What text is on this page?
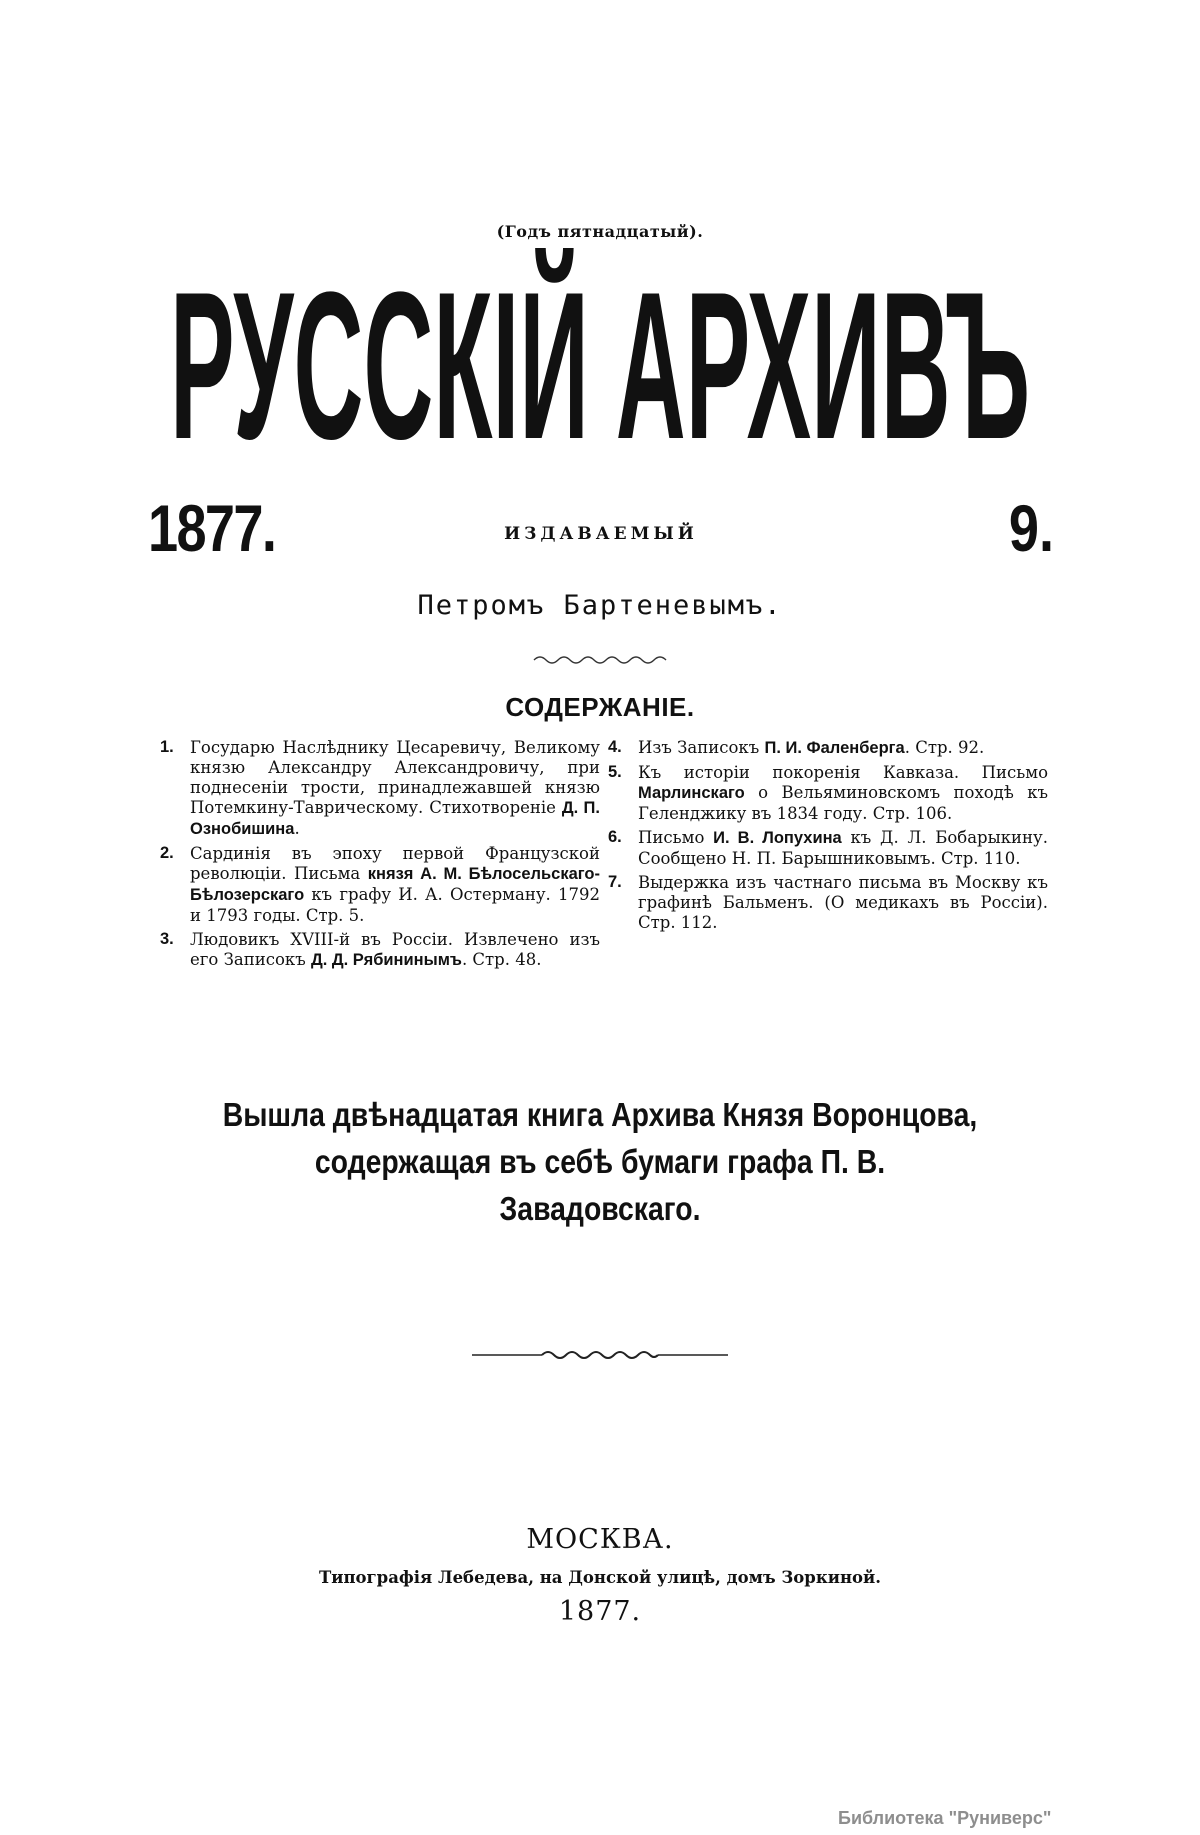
(Годъ пятнадцатый).
РУССКІЙ АРХИВЪ
1877.	ИЗДАВАЕМЫЙ	9.
Петромъ Бартеневымъ.
СОДЕРЖАНІЕ.
1. Государю Наслѣднику Цесаревичу, Великому князю Александру Александровичу, при поднесеніи трости, принадлежавшей князю Потемкину-Таврическому. Стихотвореніе Д. П. Ознобишина.
2. Сардинія въ эпоху первой Французской революціи. Письма князя А. М. Бѣлосельскаго-Бѣлозерскаго къ графу И. А. Остерману. 1792 и 1793 годы. Стр. 5.
3. Людовикъ XVIII-й въ Россіи. Извлечено изъ его Записокъ Д. Д. Рябининымъ. Стр. 48.
4. Изъ Записокъ П. И. Фаленберга. Стр. 92.
5. Къ исторіи покоренія Кавказа. Письмо Марлинскаго о Вельяминовскомъ походѣ къ Геленджику въ 1834 году. Стр. 106.
6. Письмо И. В. Лопухина къ Д. Л. Бобарыкину. Сообщено Н. П. Барышниковымъ. Стр. 110.
7. Выдержка изъ частнаго письма въ Москву къ графинѣ Бальменъ. (О медикахъ въ Россіи). Стр. 112.
Вышла двѣнадцатая книга Архива Князя Воронцова, содержащая въ себѣ бумаги графа П. В. Завадовскаго.
МОСКВА.
Типографія Лебедева, на Донской улицѣ, домъ Зоркиной.
1877.
Библиотека "Руниверс"
